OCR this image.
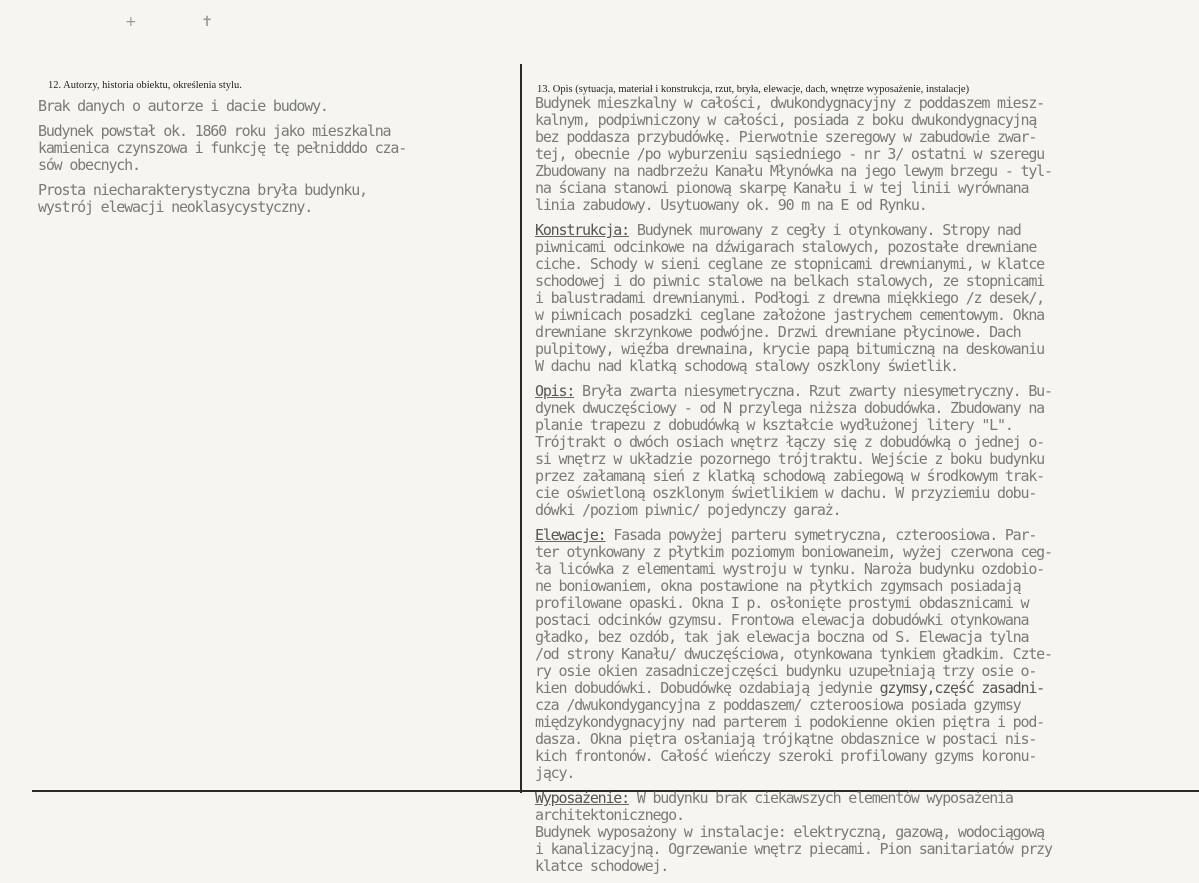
+ ✝
12. Autorzy, historia obiektu, określenia stylu.	13. Opis (sytuacja, materiał i konstrukcja, rzut, bryła, elewacje, dach, wnętrze wyposażenie, instalacje)

Brak danych o autorze i dacie budowy.

Budynek powstał ok. 1860 roku jako mieszkalna
kamienica czynszowa i funkcję tę pełnidddo cza-
sów obecnych.

Prosta niecharakterystyczna bryła budynku,
wystrój elewacji neoklasycystyczny.

Budynek mieszkalny w całości, dwukondygnacyjny z poddaszem miesz-
kalnym, podpiwniczony w całości, posiada z boku dwukondygnacyjną
bez poddasza przybudówkę. Pierwotnie szeregowy w zabudowie zwar-
tej, obecnie /po wyburzeniu sąsiedniego - nr 3/ ostatni w szeregu
Zbudowany na nadbrzeżu Kanału Młynówka na jego lewym brzegu - tyl-
na ściana stanowi pionową skarpę Kanału i w tej linii wyrównana
linia zabudowy. Usytuowany ok. 90 m na E od Rynku.

Konstrukcja: Budynek murowany z cegły i otynkowany. Stropy nad
piwnicami odcinkowe na dźwigarach stalowych, pozostałe drewniane
ciche. Schody w sieni ceglane ze stopnicami drewnianymi, w klatce
schodowej i do piwnic stalowe na belkach stalowych, ze stopnicami
i balustradami drewnianymi. Podłogi z drewna miękkiego /z desek/,
w piwnicach posadzki ceglane założone jastrychem cementowym. Okna
drewniane skrzynkowe podwójne. Drzwi drewniane płycinowe. Dach
pulpitowy, więźba drewnaina, krycie papą bitumiczną na deskowaniu
W dachu nad klatką schodową stalowy oszklony świetlik.

Opis: Bryła zwarta niesymetryczna. Rzut zwarty niesymetryczny. Bu-
dynek dwuczęściowy - od N przylega niższa dobudówka. Zbudowany na
planie trapezu z dobudówką w kształcie wydłużonej litery "L".
Trójtrakt o dwóch osiach wnętrz łączy się z dobudówką o jednej o-
si wnętrz w układzie pozornego trójtraktu. Wejście z boku budynku
przez załamaną sień z klatką schodową zabiegową w środkowym trak-
cie oświetloną oszklonym świetlikiem w dachu. W przyziemiu dobu-
dówki /poziom piwnic/ pojedynczy garaż.

Elewacje: Fasada powyżej parteru symetryczna, czteroosiowa. Par-
ter otynkowany z płytkim poziomym boniowaneim, wyżej czerwona ceg-
ła licówka z elementami wystroju w tynku. Naroża budynku ozdobio-
ne boniowaniem, okna postawione na płytkich zgymsach posiadają
profilowane opaski. Okna I p. osłonięte prostymi obdasznicami w
postaci odcinków gzymsu. Frontowa elewacja dobudówki otynkowana
gładko, bez ozdób, tak jak elewacja boczna od S. Elewacja tylna
/od strony Kanału/ dwuczęściowa, otynkowana tynkiem gładkim. Czte-
ry osie okien zasadniczejczęści budynku uzupełniają trzy osie o-
kien dobudówki. Dobudówkę ozdabiają jedynie gzymsy,część zasadni-
cza /dwukondygancyjna z poddaszem/ czteroosiowa posiada gzymsy
międzykondygnacyjny nad parterem i podokienne okien piętra i pod-
dasza. Okna piętra osłaniają trójkątne obdasznice w postaci nis-
kich frontonów. Całość wieńczy szeroki profilowany gzyms koronu-
jący.

Wyposażenie: W budynku brak ciekawszych elementów wyposażenia
architektonicznego.
Budynek wyposażony w instalacje: elektryczną, gazową, wodociągową
i kanalizacyjną. Ogrzewanie wnętrz piecami. Pion sanitariatów przy
klatce schodowej.
